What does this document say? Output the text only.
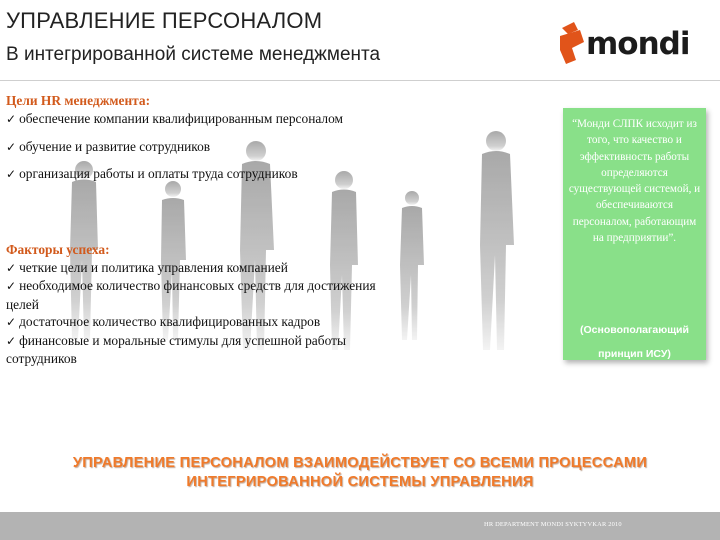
УПРАВЛЕНИЕ ПЕРСОНАЛОМ
В интегрированной системе менеджмента	mondi
Цели HR менеджмента:
✓ обеспечение компании квалифицированным персоналом
✓ обучение и развитие сотрудников
✓ организация работы и оплаты труда сотрудников
Факторы успеха:
✓ четкие цели и политика управления компанией
✓ необходимое количество финансовых средств для достижения целей
✓ достаточное количество квалифицированных кадров
✓ финансовые и моральные стимулы для успешной работы сотрудников
“Монди СЛПК исходит из того, что качество и эффективность работы определяются существующей системой, и обеспечиваются персоналом, работающим на предприятии”.
(Основополагающий принцип ИСУ)
УПРАВЛЕНИЕ ПЕРСОНАЛОМ ВЗАИМОДЕЙСТВУЕТ СО ВСЕМИ ПРОЦЕССАМИ
ИНТЕГРИРОВАННОЙ СИСТЕМЫ УПРАВЛЕНИЯ
HR DEPARTMENT MONDI SYKTYVKAR 2010
